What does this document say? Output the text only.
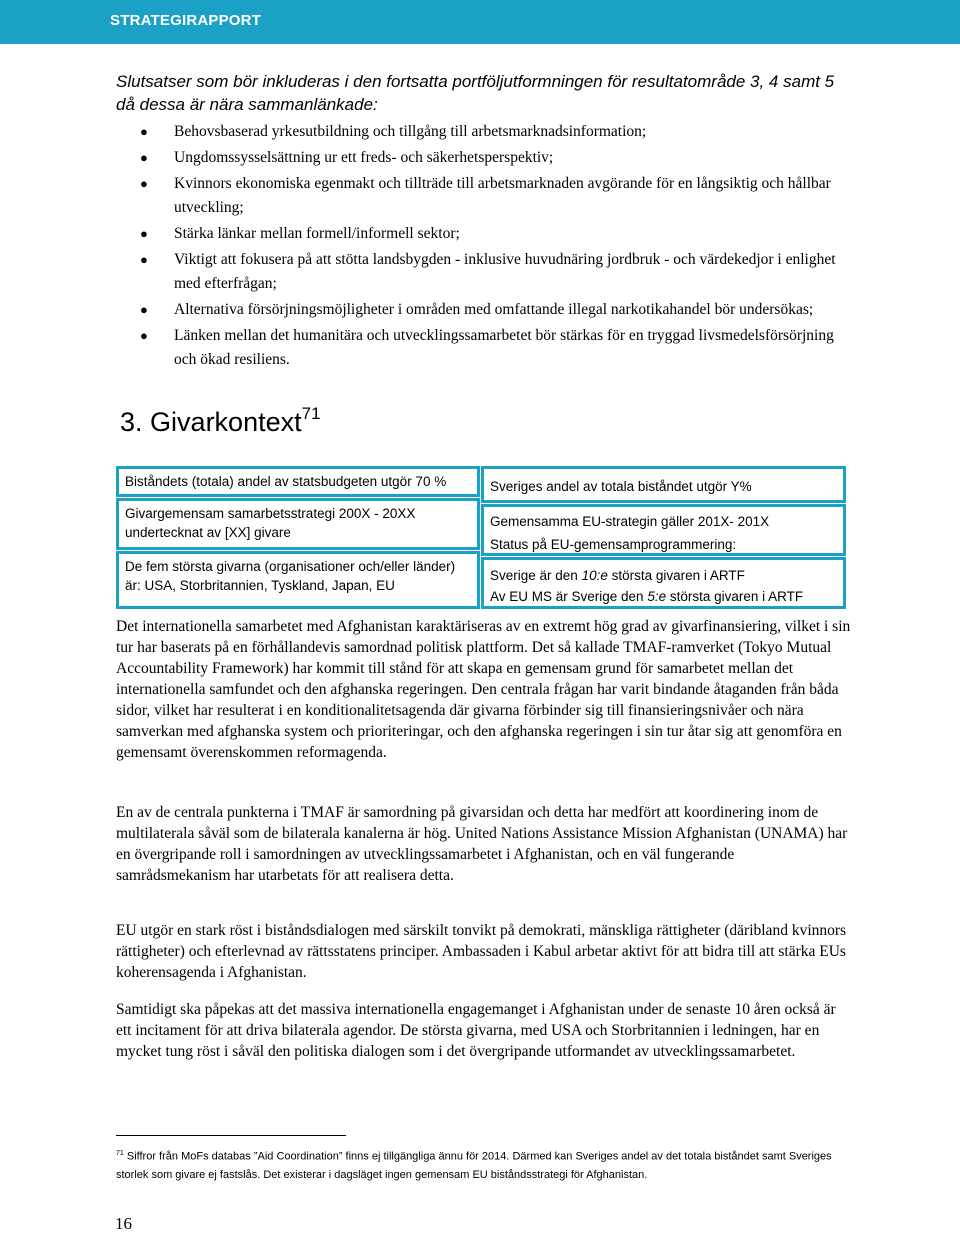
STRATEGIRAPPORT
Slutsatser som bör inkluderas i den fortsatta portföljutformningen för resultatområde 3, 4 samt 5 då dessa är nära sammanlänkade:
● Behovsbaserad yrkesutbildning och tillgång till arbetsmarknadsinformation;
● Ungdomssysselsättning ur ett freds- och säkerhetsperspektiv;
● Kvinnors ekonomiska egenmakt och tillträde till arbetsmarknaden avgörande för en långsiktig och hållbar utveckling;
● Stärka länkar mellan formell/informell sektor;
● Viktigt att fokusera på att stötta landsbygden - inklusive huvudnäring jordbruk - och värdekedjor i enlighet med efterfrågan;
● Alternativa försörjningsmöjligheter i områden med omfattande illegal narkotikahandel bör undersökas;
● Länken mellan det humanitära och utvecklingssamarbetet bör stärkas för en tryggad livsmedelsförsörjning och ökad resiliens.
3. Givarkontext$^{71}$
Biståndets (totala) andel av statsbudgeten utgör 70 %
Givargemensam samarbetsstrategi 200X - 20XX undertecknat av [XX] givare
De fem största givarna (organisationer och/eller länder) är: USA, Storbritannien, Tyskland, Japan, EU
Sveriges andel av totala biståndet utgör Y%
Gemensamma EU-strategin gäller 201X- 201X
Status på EU-gemensamprogrammering:
Sverige är den 10:e största givaren i ARTF
Av EU MS är Sverige den 5:e största givaren i ARTF

Det internationella samarbetet med Afghanistan karaktäriseras av en extremt hög grad av givarfinansiering, vilket i sin tur har baserats på en förhållandevis samordnad politisk plattform. Det så kallade TMAF-ramverket (Tokyo Mutual Accountability Framework) har kommit till stånd för att skapa en gemensam grund för samarbetet mellan det internationella samfundet och den afghanska regeringen. Den centrala frågan har varit bindande åtaganden från båda sidor, vilket har resulterat i en konditionalitetsagenda där givarna förbinder sig till finansieringsnivåer och nära samverkan med afghanska system och prioriteringar, och den afghanska regeringen i sin tur åtar sig att genomföra en gemensamt överenskommen reformagenda.

En av de centrala punkterna i TMAF är samordning på givarsidan och detta har medfört att koordinering inom de multilaterala såväl som de bilaterala kanalerna är hög. United Nations Assistance Mission Afghanistan (UNAMA) har en övergripande roll i samordningen av utvecklingssamarbetet i Afghanistan, och en väl fungerande samrådsmekanism har utarbetats för att realisera detta.

EU utgör en stark röst i biståndsdialogen med särskilt tonvikt på demokrati, mänskliga rättigheter (däribland kvinnors rättigheter) och efterlevnad av rättsstatens principer. Ambassaden i Kabul arbetar aktivt för att bidra till att stärka EUs koherensagenda i Afghanistan.

Samtidigt ska påpekas att det massiva internationella engagemanget i Afghanistan under de senaste 10 åren också är ett incitament för att driva bilaterala agendor. De största givarna, med USA och Storbritannien i ledningen, har en mycket tung röst i såväl den politiska dialogen som i det övergripande utformandet av utvecklingssamarbetet.

$^{71}$ Siffror från MoFs databas ”Aid Coordination” finns ej tillgängliga ännu för 2014. Därmed kan Sveriges andel av det totala biståndet samt Sveriges storlek som givare ej fastslås. Det existerar i dagsläget ingen gemensam EU biståndsstrategi för Afghanistan.
16
